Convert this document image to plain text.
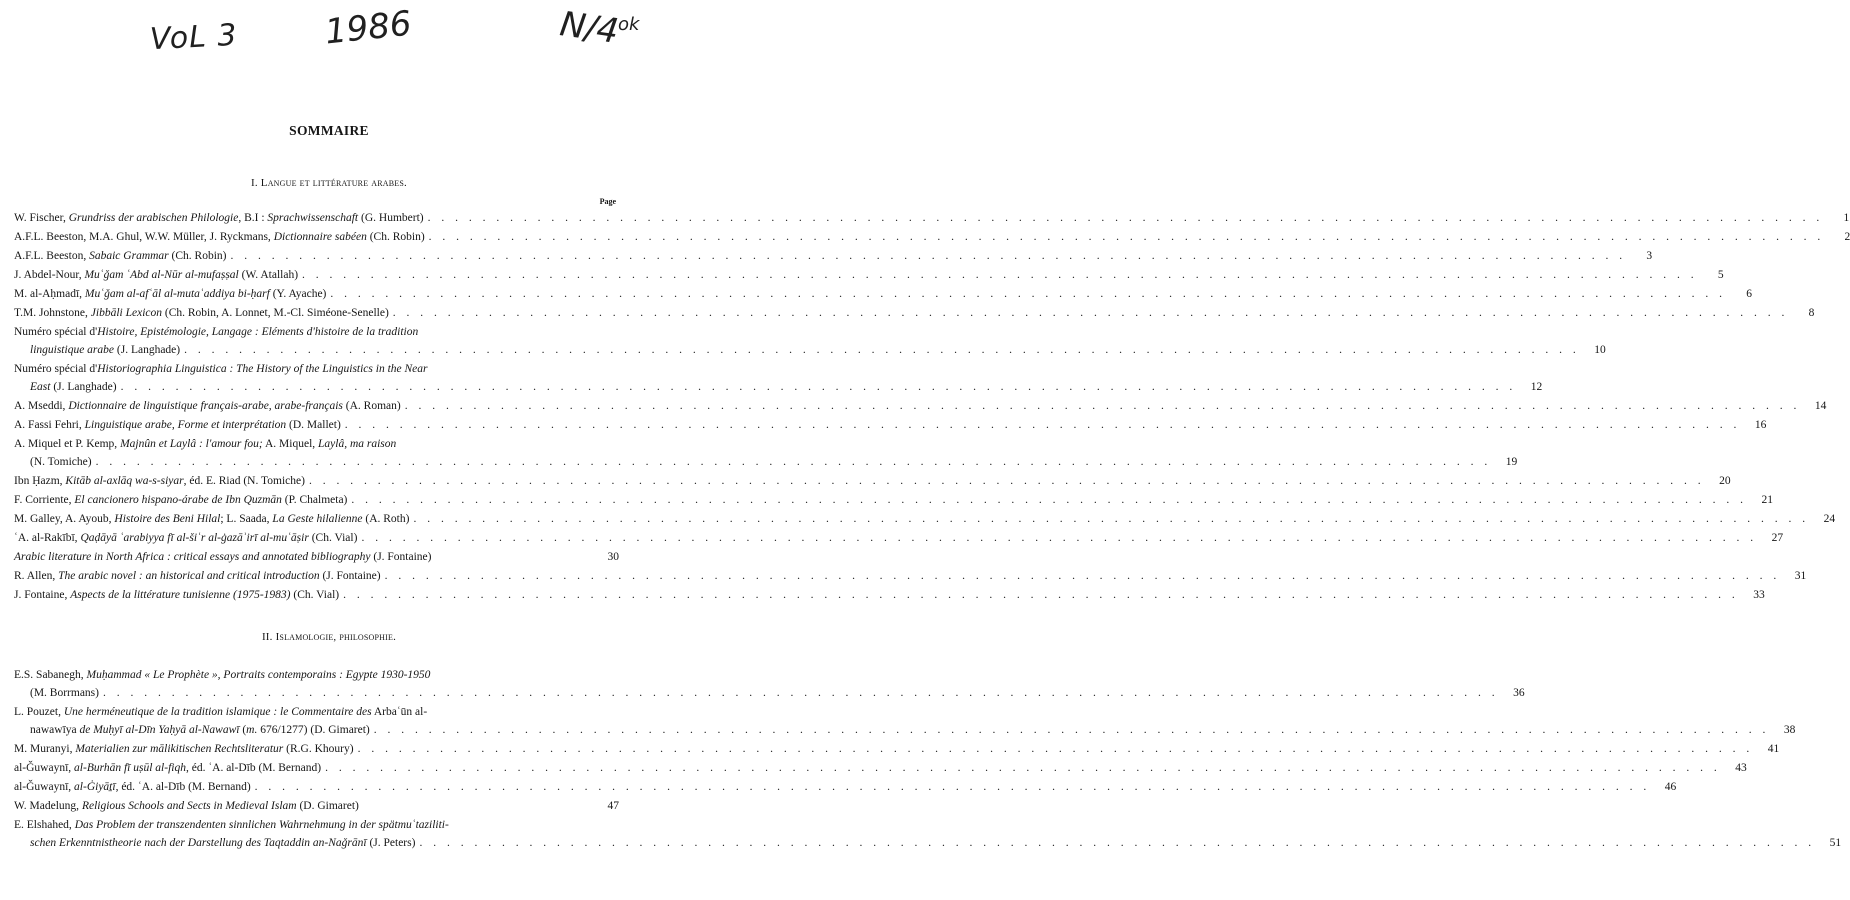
VoL 3 1986	N/4
ok
SOMMAIRE
I. Langue et littérature arabes.
Page
W. Fischer, Grundriss der arabischen Philologie, B.I : Sprachwissenschaft (G. Humbert) . . .	1
A.F.L. Beeston, M.A. Ghul, W.W. Müller, J. Ryckmans, Dictionnaire sabéen (Ch. Robin) . . .	2
A.F.L. Beeston, Sabaic Grammar (Ch. Robin) . . .	3
J. Abdel-Nour, Muʿǧam ʿAbd al-Nūr al-mufaṣṣal (W. Atallah) . . .	5
M. al-Aḥmadī, Muʿǧam al-afʿāl al-mutaʿaddiya bi-ḥarf (Y. Ayache) . . .	6
T.M. Johnstone, Jibbāli Lexicon (Ch. Robin, A. Lonnet, M.-Cl. Siméone-Senelle) . . .	8
Numéro spécial d'Histoire, Epistémologie, Langage : Eléments d'histoire de la tradition
linguistique arabe (J. Langhade) . . .	10
Numéro spécial d'Historiographia Linguistica : The History of the Linguistics in the Near
East (J. Langhade) . . .	12
A. Mseddi, Dictionnaire de linguistique français-arabe, arabe-français (A. Roman) . . .	14
A. Fassi Fehri, Linguistique arabe, Forme et interprétation (D. Mallet) . . .	16
A. Miquel et P. Kemp, Majnûn et Laylâ : l'amour fou; A. Miquel, Laylâ, ma raison
(N. Tomiche) . . .	19
Ibn Ḥazm, Kitāb al-axlāq wa-s-siyar, éd. E. Riad (N. Tomiche) . . .	20
F. Corriente, El cancionero hispano-árabe de Ibn Quzmān (P. Chalmeta) . . .	21
M. Galley, A. Ayoub, Histoire des Beni Hilal; L. Saada, La Geste hilalienne (A. Roth) . . .	24
ʿA. al-Rakībī, Qaḍāyā ʿarabiyya fī al-šiʿr al-ġazāʾirī al-muʿāṣir (Ch. Vial) . . .	27
Arabic literature in North Africa : critical essays and annotated bibliography (J. Fontaine)	30
R. Allen, The arabic novel : an historical and critical introduction (J. Fontaine) . . .	31
J. Fontaine, Aspects de la littérature tunisienne (1975-1983) (Ch. Vial) . . .	33
II. Islamologie, philosophie.
E.S. Sabanegh, Muḥammad « Le Prophète », Portraits contemporains : Egypte 1930-1950
(M. Borrmans) . . .	36
L. Pouzet, Une herméneutique de la tradition islamique : le Commentaire des Arbaʿūn al-
nawawīya de Muḥyī al-Dīn Yaḥyā al-Nawawī (m. 676/1277) (D. Gimaret) . . .	38
M. Muranyi, Materialien zur mālikitischen Rechtsliteratur (R.G. Khoury) . . .	41
al-Ǧuwaynī, al-Burhān fī uṣūl al-fiqh, éd. ʿA. al-Dīb (M. Bernand) . . .	43
al-Ǧuwaynī, al-Ġiyāṯī, éd. ʿA. al-Dīb (M. Bernand) . . .	46
W. Madelung, Religious Schools and Sects in Medieval Islam (D. Gimaret)	47
E. Elshahed, Das Problem der transzendenten sinnlichen Wahrnehmung in der spätmuʿtaziliti-
schen Erkenntnistheorie nach der Darstellung des Taqtaddin an-Naǧrānī (J. Peters) . . .	51
